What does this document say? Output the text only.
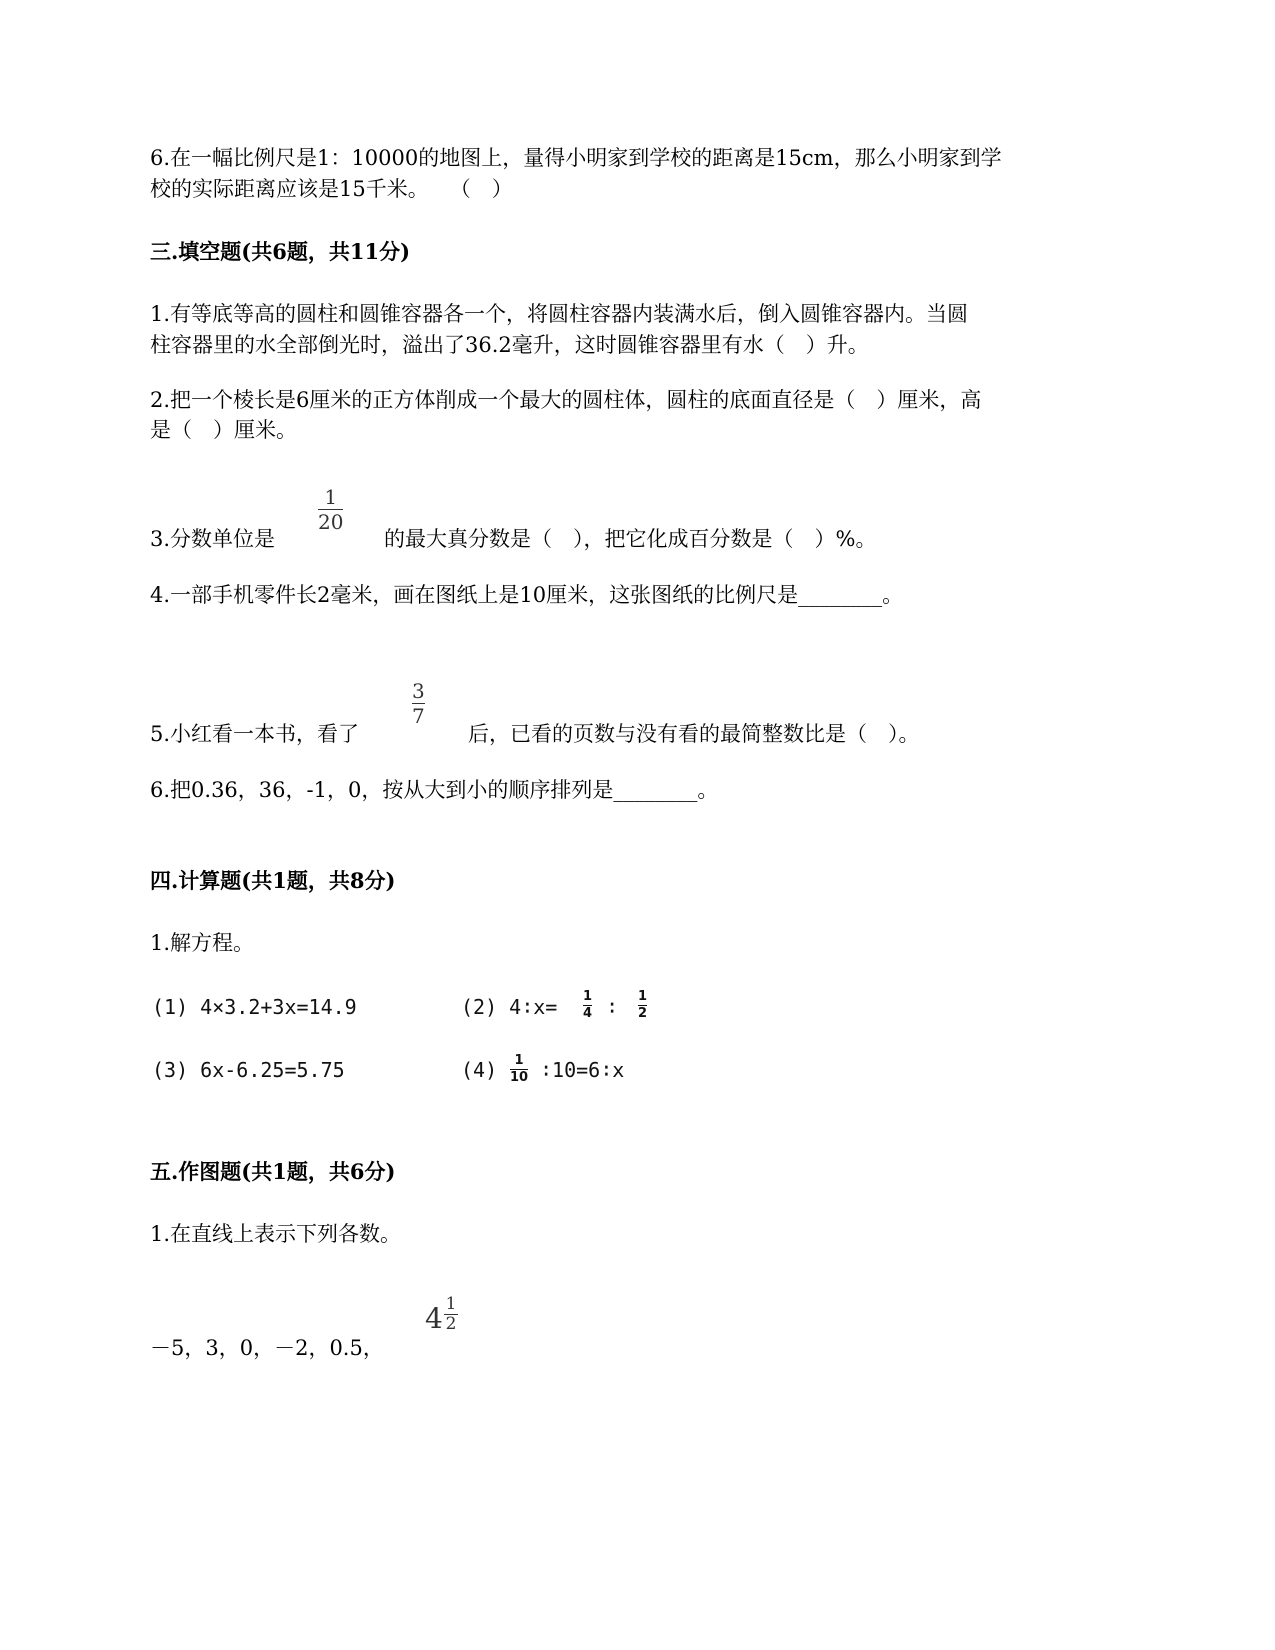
6.在一幅比例尺是1：10000的地图上，量得小明家到学校的距离是15cm，那么小明家到学
校的实际距离应该是15千米。　　（　）
三.填空题(共6题，共11分)
1.有等底等高的圆柱和圆锥容器各一个，将圆柱容器内装满水后，倒入圆锥容器内。当圆
柱容器里的水全部倒光时，溢出了36.2毫升，这时圆锥容器里有水（　）升。
2.把一个棱长是6厘米的正方体削成一个最大的圆柱体，圆柱的底面直径是（　）厘米，高
是（　）厘米。
3.分数单位是
1
20
的最大真分数是（　），把它化成百分数是（　）%。
4.一部手机零件长2毫米，画在图纸上是10厘米，这张图纸的比例尺是________。
5.小红看一本书，看了
3
7
后，已看的页数与没有看的最简整数比是（　）。
6.把0.36，36，-1，0，按从大到小的顺序排列是________。
四.计算题(共1题，共8分)
1.解方程。
(1) 4×3.2+3x=14.9	(2) 4∶x= 1
4 ∶ 1
2
(3) 6x-6.25=5.75	(4) 1
10 ∶10=6∶x
五.作图题(共1题，共6分)
1.在直线上表示下列各数。
－5，3，0，－2，0.5，
4 1
2
